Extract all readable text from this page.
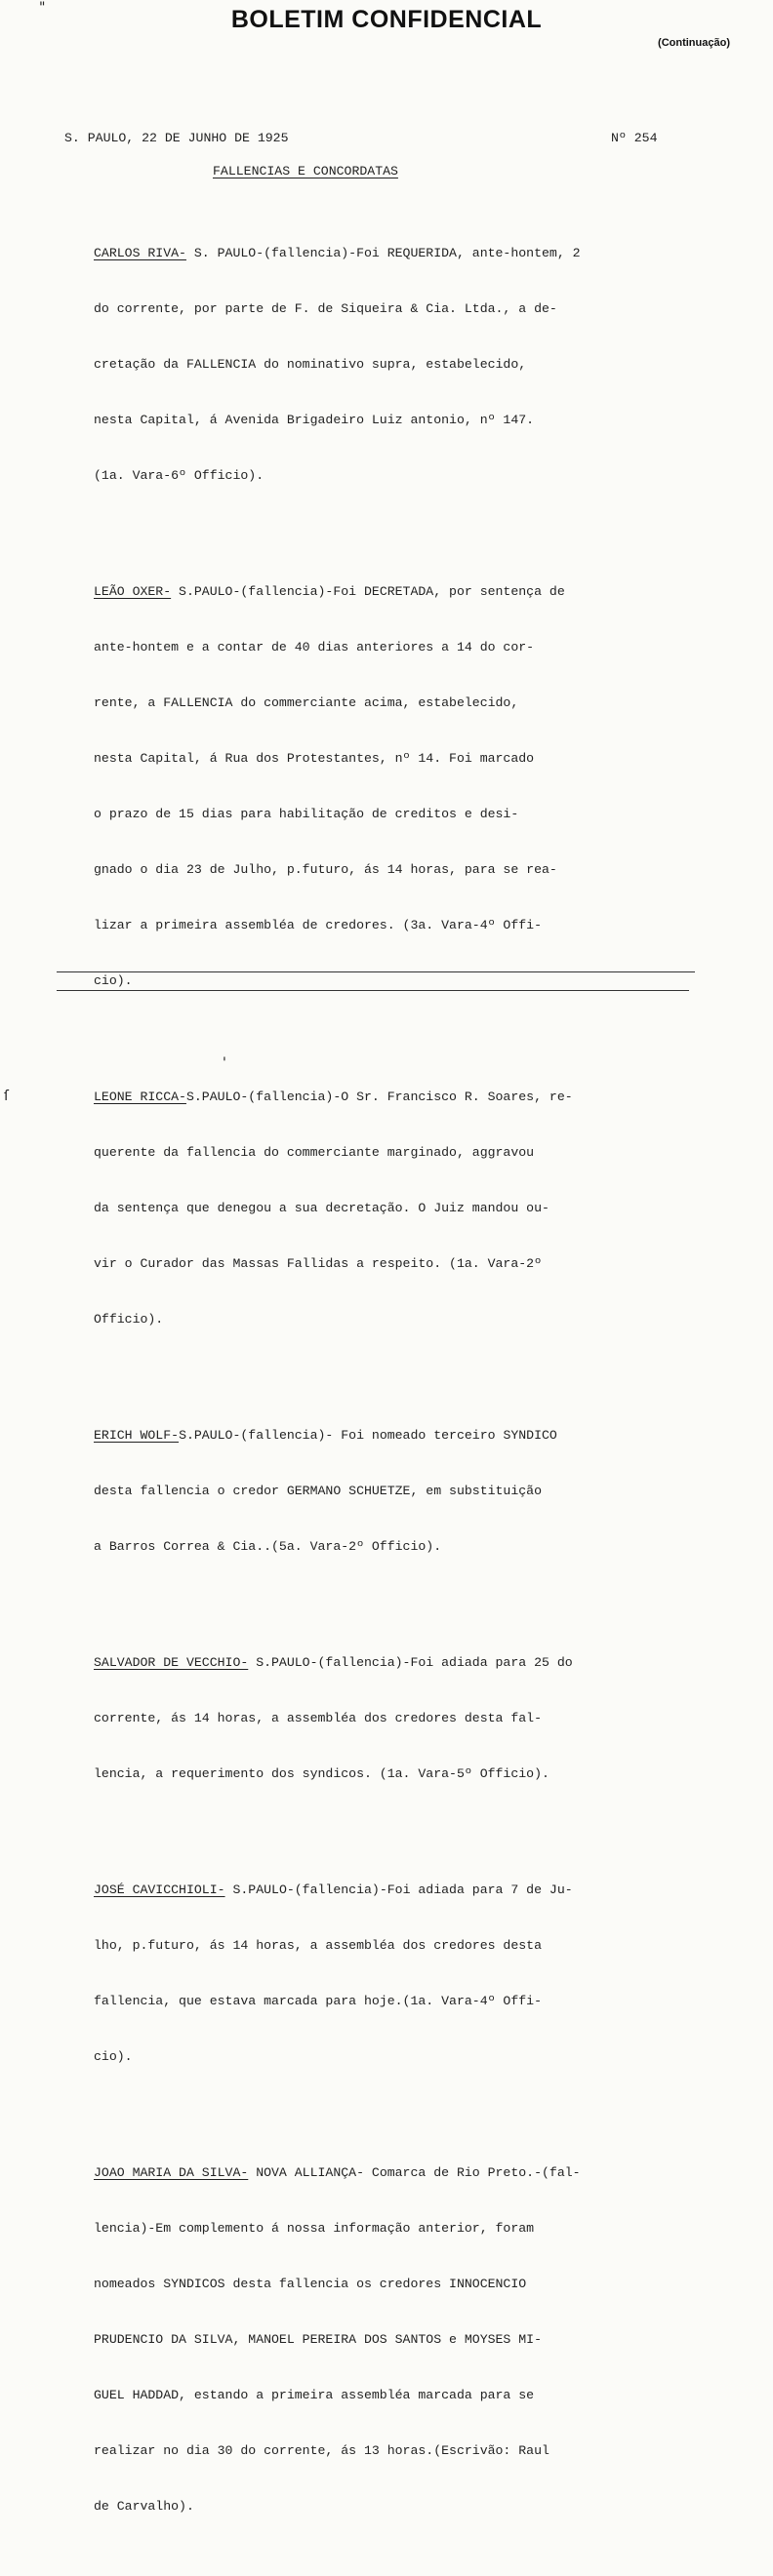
BOLETIM CONFIDENCIAL
(Continuação)
S. PAULO, 22 DE JUNHO DE 1925	Nº 254
FALLENCIAS E CONCORDATAS

CARLOS RIVA- S. PAULO-(fallencia)-Foi REQUERIDA, ante-hontem, 2

do corrente, por parte de F. de Siqueira & Cia. Ltda., a de-

cretação da FALLENCIA do nominativo supra, estabelecido,

nesta Capital, á Avenida Brigadeiro Luiz antonio, nº 147.

(1a. Vara-6º Officio).

LEÃO OXER- S.PAULO-(fallencia)-Foi DECRETADA, por sentença de

ante-hontem e a contar de 40 dias anteriores a 14 do cor-

rente, a FALLENCIA do commerciante acima, estabelecido,

nesta Capital, á Rua dos Protestantes, nº 14. Foi marcado

o prazo de 15 dias para habilitação de creditos e desi-

gnado o dia 23 de Julho, p.futuro, ás 14 horas, para se rea-

lizar a primeira assembléa de credores. (3a. Vara-4º Offi-

cio).

LEONE RICCA-S.PAULO-(fallencia)-O Sr. Francisco R. Soares, re-

querente da fallencia do commerciante marginado, aggravou

da sentença que denegou a sua decretação. O Juiz mandou ou-

vir o Curador das Massas Fallidas a respeito. (1a. Vara-2º

Officio).

ERICH WOLF-S.PAULO-(fallencia)- Foi nomeado terceiro SYNDICO

desta fallencia o credor GERMANO SCHUETZE, em substituição

a Barros Correa & Cia..(5a. Vara-2º Officio).

SALVADOR DE VECCHIO- S.PAULO-(fallencia)-Foi adiada para 25 do

corrente, ás 14 horas, a assembléa dos credores desta fal-

lencia, a requerimento dos syndicos. (1a. Vara-5º Officio).

JOSÉ CAVICCHIOLI- S.PAULO-(fallencia)-Foi adiada para 7 de Ju-

lho, p.futuro, ás 14 horas, a assembléa dos credores desta

fallencia, que estava marcada para hoje.(1a. Vara-4º Offi-

cio).

JOAO MARIA DA SILVA- NOVA ALLIANÇA- Comarca de Rio Preto.-(fal-

lencia)-Em complemento á nossa informação anterior, foram

nomeados SYNDICOS desta fallencia os credores INNOCENCIO

PRUDENCIO DA SILVA, MANOEL PEREIRA DOS SANTOS e MOYSES MI-

GUEL HADDAD, estando a primeira assembléa marcada para se

realizar no dia 30 do corrente, ás 13 horas.(Escrivão: Raul

de Carvalho).

"
'
ſ
